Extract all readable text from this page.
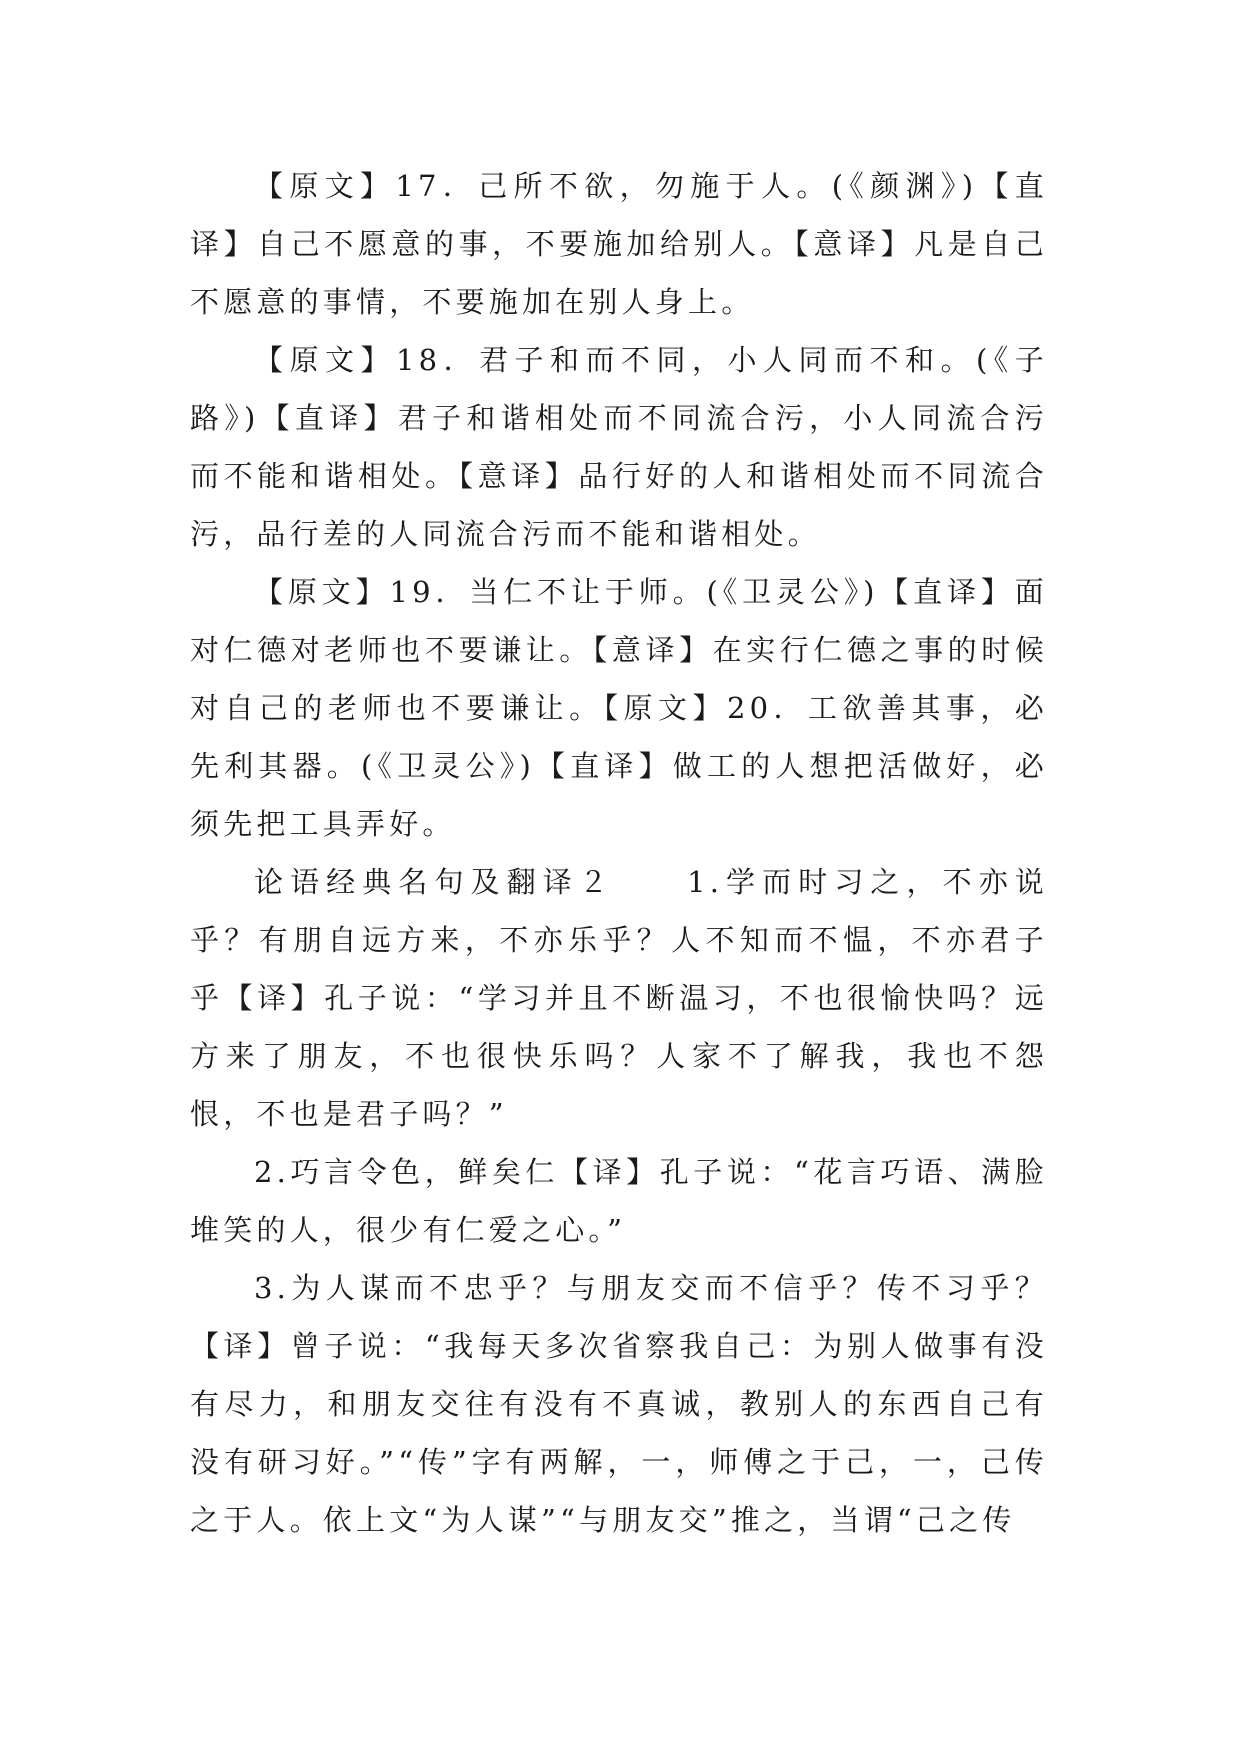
【原文】17．己所不欲，勿施于人。(《颜渊》)【直译】自己不愿意的事，不要施加给别人。【意译】凡是自己不愿意的事情，不要施加在别人身上。

【原文】18．君子和而不同，小人同而不和。(《子路》)【直译】君子和谐相处而不同流合污，小人同流合污而不能和谐相处。【意译】品行好的人和谐相处而不同流合污，品行差的人同流合污而不能和谐相处。

【原文】19．当仁不让于师。(《卫灵公》)【直译】面对仁德对老师也不要谦让。【意译】在实行仁德之事的时候对自己的老师也不要谦让。【原文】20．工欲善其事，必先利其器。(《卫灵公》)【直译】做工的人想把活做好，必须先把工具弄好。

论语经典名句及翻译２　　1.学而时习之，不亦说乎？有朋自远方来，不亦乐乎？人不知而不愠，不亦君子乎【译】孔子说：“学习并且不断温习，不也很愉快吗？远方来了朋友，不也很快乐吗？人家不了解我，我也不怨恨，不也是君子吗？”

2.巧言令色，鲜矣仁【译】孔子说：“花言巧语、满脸堆笑的人，很少有仁爱之心。”

3.为人谋而不忠乎？与朋友交而不信乎？传不习乎？【译】曾子说：“我每天多次省察我自己：为别人做事有没有尽力，和朋友交往有没有不真诚，教别人的东西自己有没有研习好。”“传”字有两解，一，师傅之于己，一，己传之于人。依上文“为人谋”“与朋友交”推之，当谓“己之传
